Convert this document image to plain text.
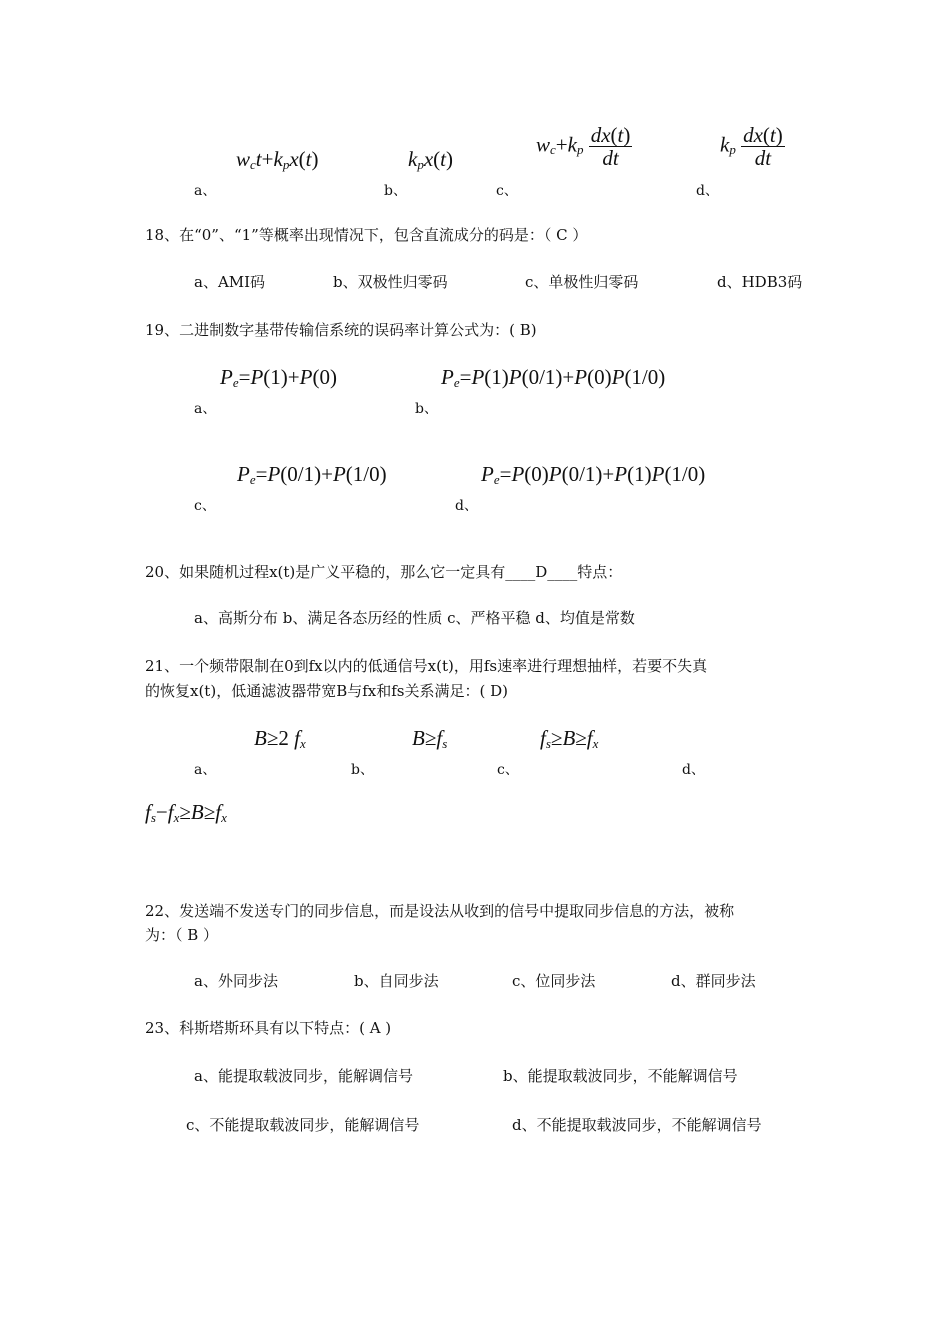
$w_ct+k_px(t)$	$k_px(t)$
$w_c+k_p \frac{dx(t)}{dt}$	$k_p \frac{dx(t)}{dt}$
a、	b、	c、	d、
18、在“0”、“1”等概率出现情况下，包含直流成分的码是：（ C ）
a、AMI码	b、双极性归零码	c、单极性归零码	d、HDB3码
19、二进制数字基带传输信系统的误码率计算公式为：( B)
$P_e=P(1)+P(0)$	$P_e=P(1)P(0/1)+P(0)P(1/0)$
a、	b、
$P_e=P(0/1)+P(1/0)$	$P_e=P(0)P(0/1)+P(1)P(1/0)$
c、	d、
20、如果随机过程x(t)是广义平稳的，那么它一定具有____D____特点：
a、高斯分布 b、满足各态历经的性质 c、严格平稳 d、均值是常数
21、一个频带限制在0到fx以内的低通信号x(t)，用fs速率进行理想抽样，若要不失真
的恢复x(t)，低通滤波器带宽B与fx和fs关系满足：( D)
B≥2 $f_x$	$B\ge f_s$	$f_s\ge B\ge f_x$
a、	b、	c、	d、
$f_s-f_x\ge B\ge f_x$
22、发送端不发送专门的同步信息，而是设法从收到的信号中提取同步信息的方法，被称
为：（ B ）
a、外同步法	b、自同步法	c、位同步法	d、群同步法
23、科斯塔斯环具有以下特点：( A )
a、能提取载波同步，能解调信号	b、能提取载波同步，不能解调信号
c、不能提取载波同步，能解调信号	d、不能提取载波同步，不能解调信号
